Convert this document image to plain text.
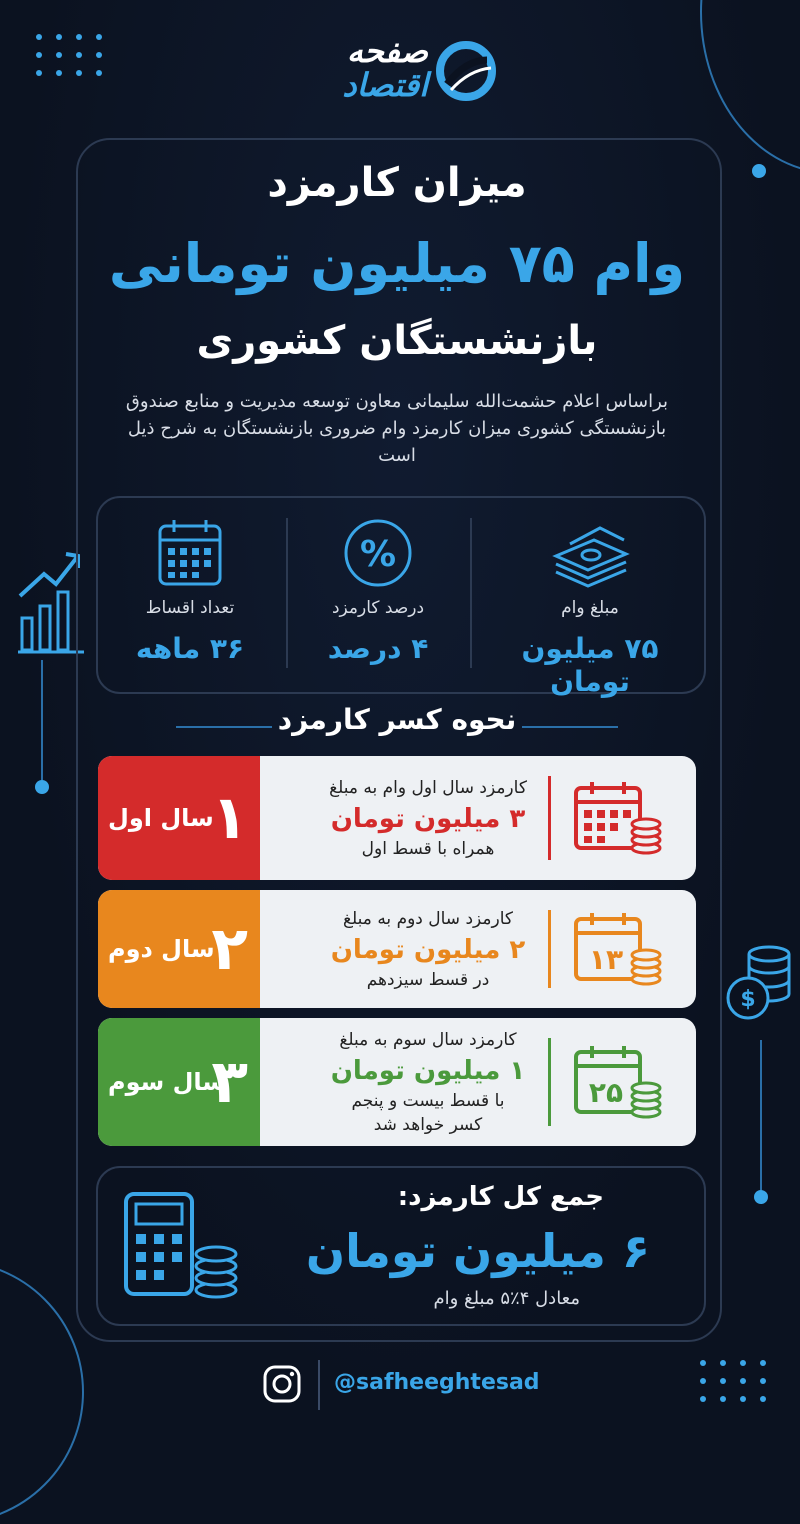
$
صفحه
اقتصاد
میزان کارمزد
وام ۷۵ میلیون تومانی
بازنشستگان کشوری
براساس اعلام حشمت‌الله سلیمانی معاون توسعه مدیریت و منابع صندوق بازنشستگی کشوری میزان کارمزد وام ضروری بازنشستگان به شرح ذیل است
مبلغ وام
۷۵ میلیون تومان
%
درصد کارمزد
۴ درصد
تعداد اقساط
۳۶ ماهه
نحوه کسر کارمزد
۱
سال اول
کارمزد سال اول وام به مبلغ
۳ میلیون تومان
همراه با قسط اول
۲
سال دوم
کارمزد سال دوم به مبلغ
۲ میلیون تومان
در قسط سیزدهم
۱۳
۳
سال سوم
کارمزد سال سوم به مبلغ
۱ میلیون تومان
با قسط بیست و پنجم
کسر خواهد شد
۲۵
جمع کل کارمزد:
۶ میلیون تومان
معادل ۴٪۵ مبلغ وام
@safheeghtesad
